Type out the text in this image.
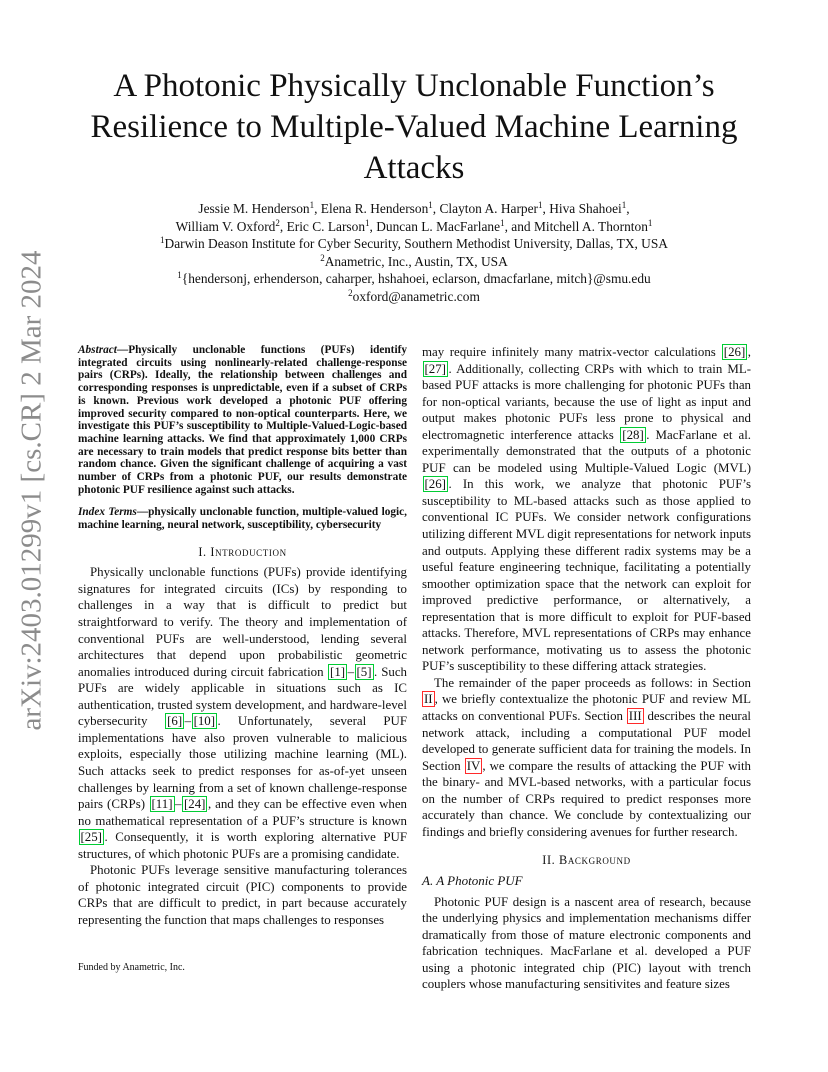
arXiv:2403.01299v1 [cs.CR] 2 Mar 2024
A Photonic Physically Unclonable Function’s
Resilience to Multiple-Valued Machine Learning
Attacks
Jessie M. Henderson$^1$, Elena R. Henderson$^1$, Clayton A. Harper$^1$, Hiva Shahoei$^1$,
William V. Oxford$^2$, Eric C. Larson$^1$, Duncan L. MacFarlane$^1$, and Mitchell A. Thornton$^1$
$^1$Darwin Deason Institute for Cyber Security, Southern Methodist University, Dallas, TX, USA
$^2$Anametric, Inc., Austin, TX, USA
$^1${hendersonj, erhenderson, caharper, hshahoei, eclarson, dmacfarlane, mitch}@smu.edu
$^2$oxford@anametric.com

Abstract—Physically unclonable functions (PUFs) identify integrated circuits using nonlinearly-related challenge-response pairs (CRPs). Ideally, the relationship between challenges and corresponding responses is unpredictable, even if a subset of CRPs is known. Previous work developed a photonic PUF offering improved security compared to non-optical counterparts. Here, we investigate this PUF’s susceptibility to Multiple-Valued-Logic-based machine learning attacks. We find that approximately 1,000 CRPs are necessary to train models that predict response bits better than random chance. Given the significant challenge of acquiring a vast number of CRPs from a photonic PUF, our results demonstrate photonic PUF resilience against such attacks.

Index Terms—physically unclonable function, multiple-valued logic, machine learning, neural network, susceptibility, cybersecurity

I. Introduction

Physically unclonable functions (PUFs) provide identifying signatures for integrated circuits (ICs) by responding to challenges in a way that is difficult to predict but straightforward to verify. The theory and implementation of conventional PUFs are well-understood, lending several architectures that depend upon probabilistic geometric anomalies introduced during circuit fabrication [1] – [5] . Such PUFs are widely applicable in situations such as IC authentication, trusted system development, and hardware-level cybersecurity [6] – [10] . Unfortunately, several PUF implementations have also proven vulnerable to malicious exploits, especially those utilizing machine learning (ML). Such attacks seek to predict responses for as-of-yet unseen challenges by learning from a set of known challenge-response pairs (CRPs) [11] – [24] , and they can be effective even when no mathematical representation of a PUF’s structure is known [25] . Consequently, it is worth exploring alternative PUF structures, of which photonic PUFs are a promising candidate.

Photonic PUFs leverage sensitive manufacturing tolerances of photonic integrated circuit (PIC) components to provide CRPs that are difficult to predict, in part because accurately representing the function that maps challenges to responses

may require infinitely many matrix-vector calculations [26] , [27] . Additionally, collecting CRPs with which to train ML-based PUF attacks is more challenging for photonic PUFs than for non-optical variants, because the use of light as input and output makes photonic PUFs less prone to physical and electromagnetic interference attacks [28] . MacFarlane et al. experimentally demonstrated that the outputs of a photonic PUF can be modeled using Multiple-Valued Logic (MVL) [26] . In this work, we analyze that photonic PUF’s susceptibility to ML-based attacks such as those applied to conventional IC PUFs. We consider network configurations utilizing different MVL digit representations for network inputs and outputs. Applying these different radix systems may be a useful feature engineering technique, facilitating a potentially smoother optimization space that the network can exploit for improved predictive performance, or alternatively, a representation that is more difficult to exploit for PUF-based attacks. Therefore, MVL representations of CRPs may enhance network performance, motivating us to assess the photonic PUF’s susceptibility to these differing attack strategies.

The remainder of the paper proceeds as follows: in Section II , we briefly contextualize the photonic PUF and review ML attacks on conventional PUFs. Section III describes the neural network attack, including a computational PUF model developed to generate sufficient data for training the models. In Section IV , we compare the results of attacking the PUF with the binary- and MVL-based networks, with a particular focus on the number of CRPs required to predict responses more accurately than chance. We conclude by contextualizing our findings and briefly considering avenues for further research.

II. Background
A. A Photonic PUF

Photonic PUF design is a nascent area of research, because the underlying physics and implementation mechanisms differ dramatically from those of mature electronic components and fabrication techniques. MacFarlane et al. developed a PUF using a photonic integrated chip (PIC) layout with trench couplers whose manufacturing sensitivites and feature sizes

Funded by Anametric, Inc.
